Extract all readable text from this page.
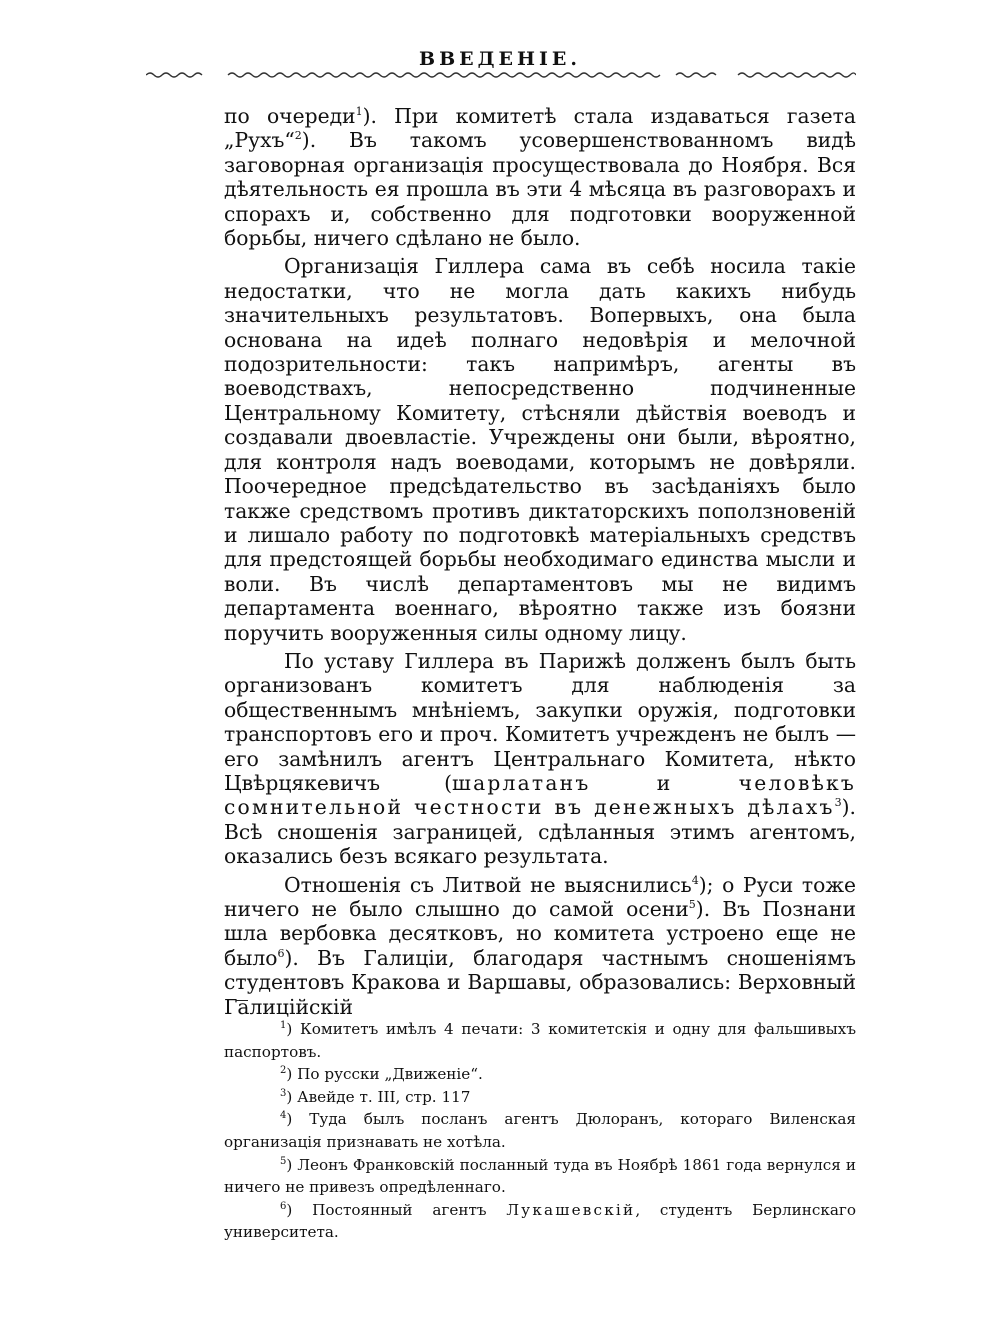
ВВЕДЕНІЕ.

по очереди$^1$). При комитетѣ стала издаваться газета „Рухъ“$^2$). Въ такомъ усовершенствованномъ видѣ заговорная организація просуществовала до Ноября. Вся дѣятельность ея прошла въ эти 4 мѣсяца въ разговорахъ и спорахъ и, собственно для подготовки вооруженной борьбы, ничего сдѣлано не было.

Организація Гиллера сама въ себѣ носила такіе недостатки, что не могла дать какихъ нибудь значительныхъ результатовъ. Вопервыхъ, она была основана на идеѣ полнаго недовѣрія и мелочной подозрительности: такъ напримѣръ, агенты въ воеводствахъ, непосредственно подчиненные Центральному Комитету, стѣсняли дѣйствія воеводъ и создавали двоевластіе. Учреждены они были, вѣроятно, для контроля надъ воеводами, которымъ не довѣряли. Поочередное предсѣдательство въ засѣданіяхъ было также средствомъ противъ диктаторскихъ поползновеній и лишало работу по подготовкѣ матеріальныхъ средствъ для предстоящей борьбы необходимаго единства мысли и воли. Въ числѣ департаментовъ мы не видимъ департамента военнаго, вѣроятно также изъ боязни поручить вооруженныя силы одному лицу.

По уставу Гиллера въ Парижѣ долженъ былъ быть организованъ комитетъ для наблюденія за общественнымъ мнѣніемъ, закупки оружія, подготовки транспортовъ его и проч. Комитетъ учрежденъ не былъ — его замѣнилъ агентъ Центральнаго Комитета, нѣкто Цвѣрцякевичъ (шарлатанъ и человѣкъ сомнительной честности въ денежныхъ дѣлахъ$^3$). Всѣ сношенія заграницей, сдѣланныя этимъ агентомъ, оказались безъ всякаго результата.

Отношенія съ Литвой не выяснились$^4$); о Руси тоже ничего не было слышно до самой осени$^5$). Въ Познани шла вербовка десятковъ, но комитета устроено еще не было$^6$). Въ Галиціи, благодаря частнымъ сношеніямъ студентовъ Кракова и Варшавы, образовались: Верховный Галиційскій

$^1$) Комитетъ имѣлъ 4 печати: 3 комитетскія и одну для фальшивыхъ паспортовъ.

$^2$) По русски „Движеніе“.

$^3$) Авейде т. III, стр. 117

$^4$) Туда былъ посланъ агентъ Дюлоранъ, котораго Виленская организація признавать не хотѣла.

$^5$) Леонъ Франковскій посланный туда въ Ноябрѣ 1861 года вернулся и ничего не привезъ опредѣленнаго.

$^6$) Постоянный агентъ Лукашевскій, студентъ Берлинскаго университета.
